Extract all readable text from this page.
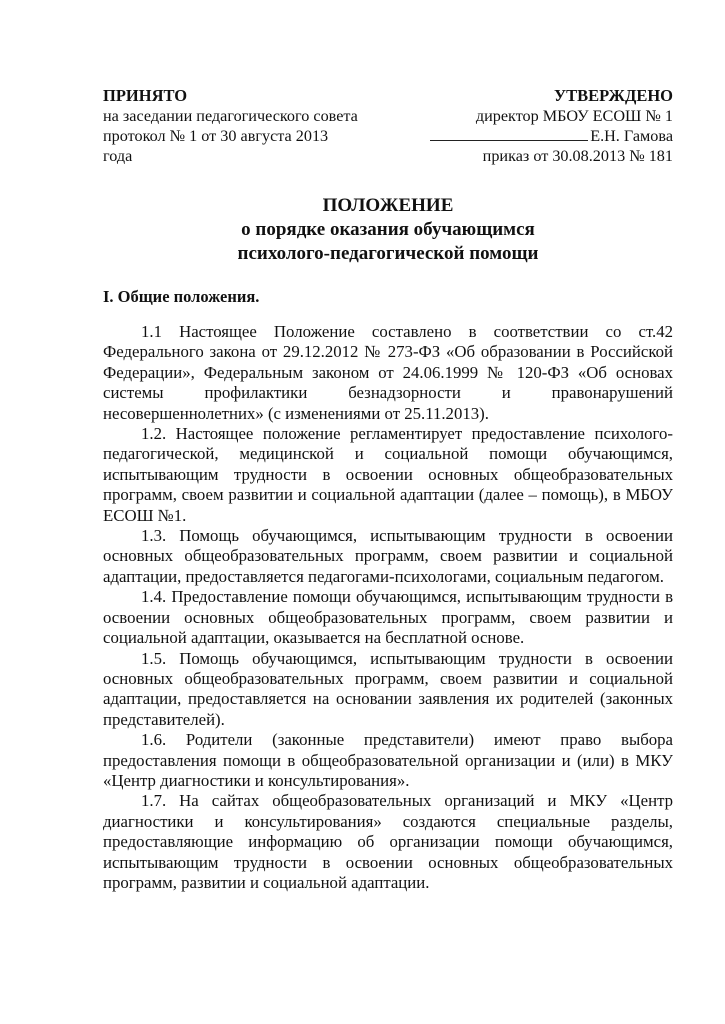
ПРИНЯТО
на заседании педагогического совета
протокол № 1 от 30 августа 2013
года
УТВЕРЖДЕНО
директор МБОУ ЕСОШ № 1
Е.Н. Гамова
приказ от 30.08.2013 № 181
ПОЛОЖЕНИЕ
о порядке оказания обучающимся
психолого-педагогической помощи
I. Общие положения.

1.1 Настоящее Положение составлено в соответствии со ст.42 Федерального закона от 29.12.2012 № 273-ФЗ «Об образовании в Российской Федерации», Федеральным законом от 24.06.1999 № 120-ФЗ «Об основах системы профилактики безнадзорности и правонарушений несовершеннолетних» (с изменениями от 25.11.2013).

1.2. Настоящее положение регламентирует предоставление психолого-педагогической, медицинской и социальной помощи обучающимся, испытывающим трудности в освоении основных общеобразовательных программ, своем развитии и социальной адаптации (далее – помощь), в МБОУ ЕСОШ №1.

1.3. Помощь обучающимся, испытывающим трудности в освоении основных общеобразовательных программ, своем развитии и социальной адаптации, предоставляется педагогами-психологами, социальным педагогом.

1.4. Предоставление помощи обучающимся, испытывающим трудности в освоении основных общеобразовательных программ, своем развитии и социальной адаптации, оказывается на бесплатной основе.

1.5. Помощь обучающимся, испытывающим трудности в освоении основных общеобразовательных программ, своем развитии и социальной адаптации, предоставляется на основании заявления их родителей (законных представителей).

1.6. Родители (законные представители) имеют право выбора предоставления помощи в общеобразовательной организации и (или) в МКУ «Центр диагностики и консультирования».

1.7. На сайтах общеобразовательных организаций и МКУ «Центр диагностики и консультирования» создаются специальные разделы, предоставляющие информацию об организации помощи обучающимся, испытывающим трудности в освоении основных общеобразовательных программ, развитии и социальной адаптации.
